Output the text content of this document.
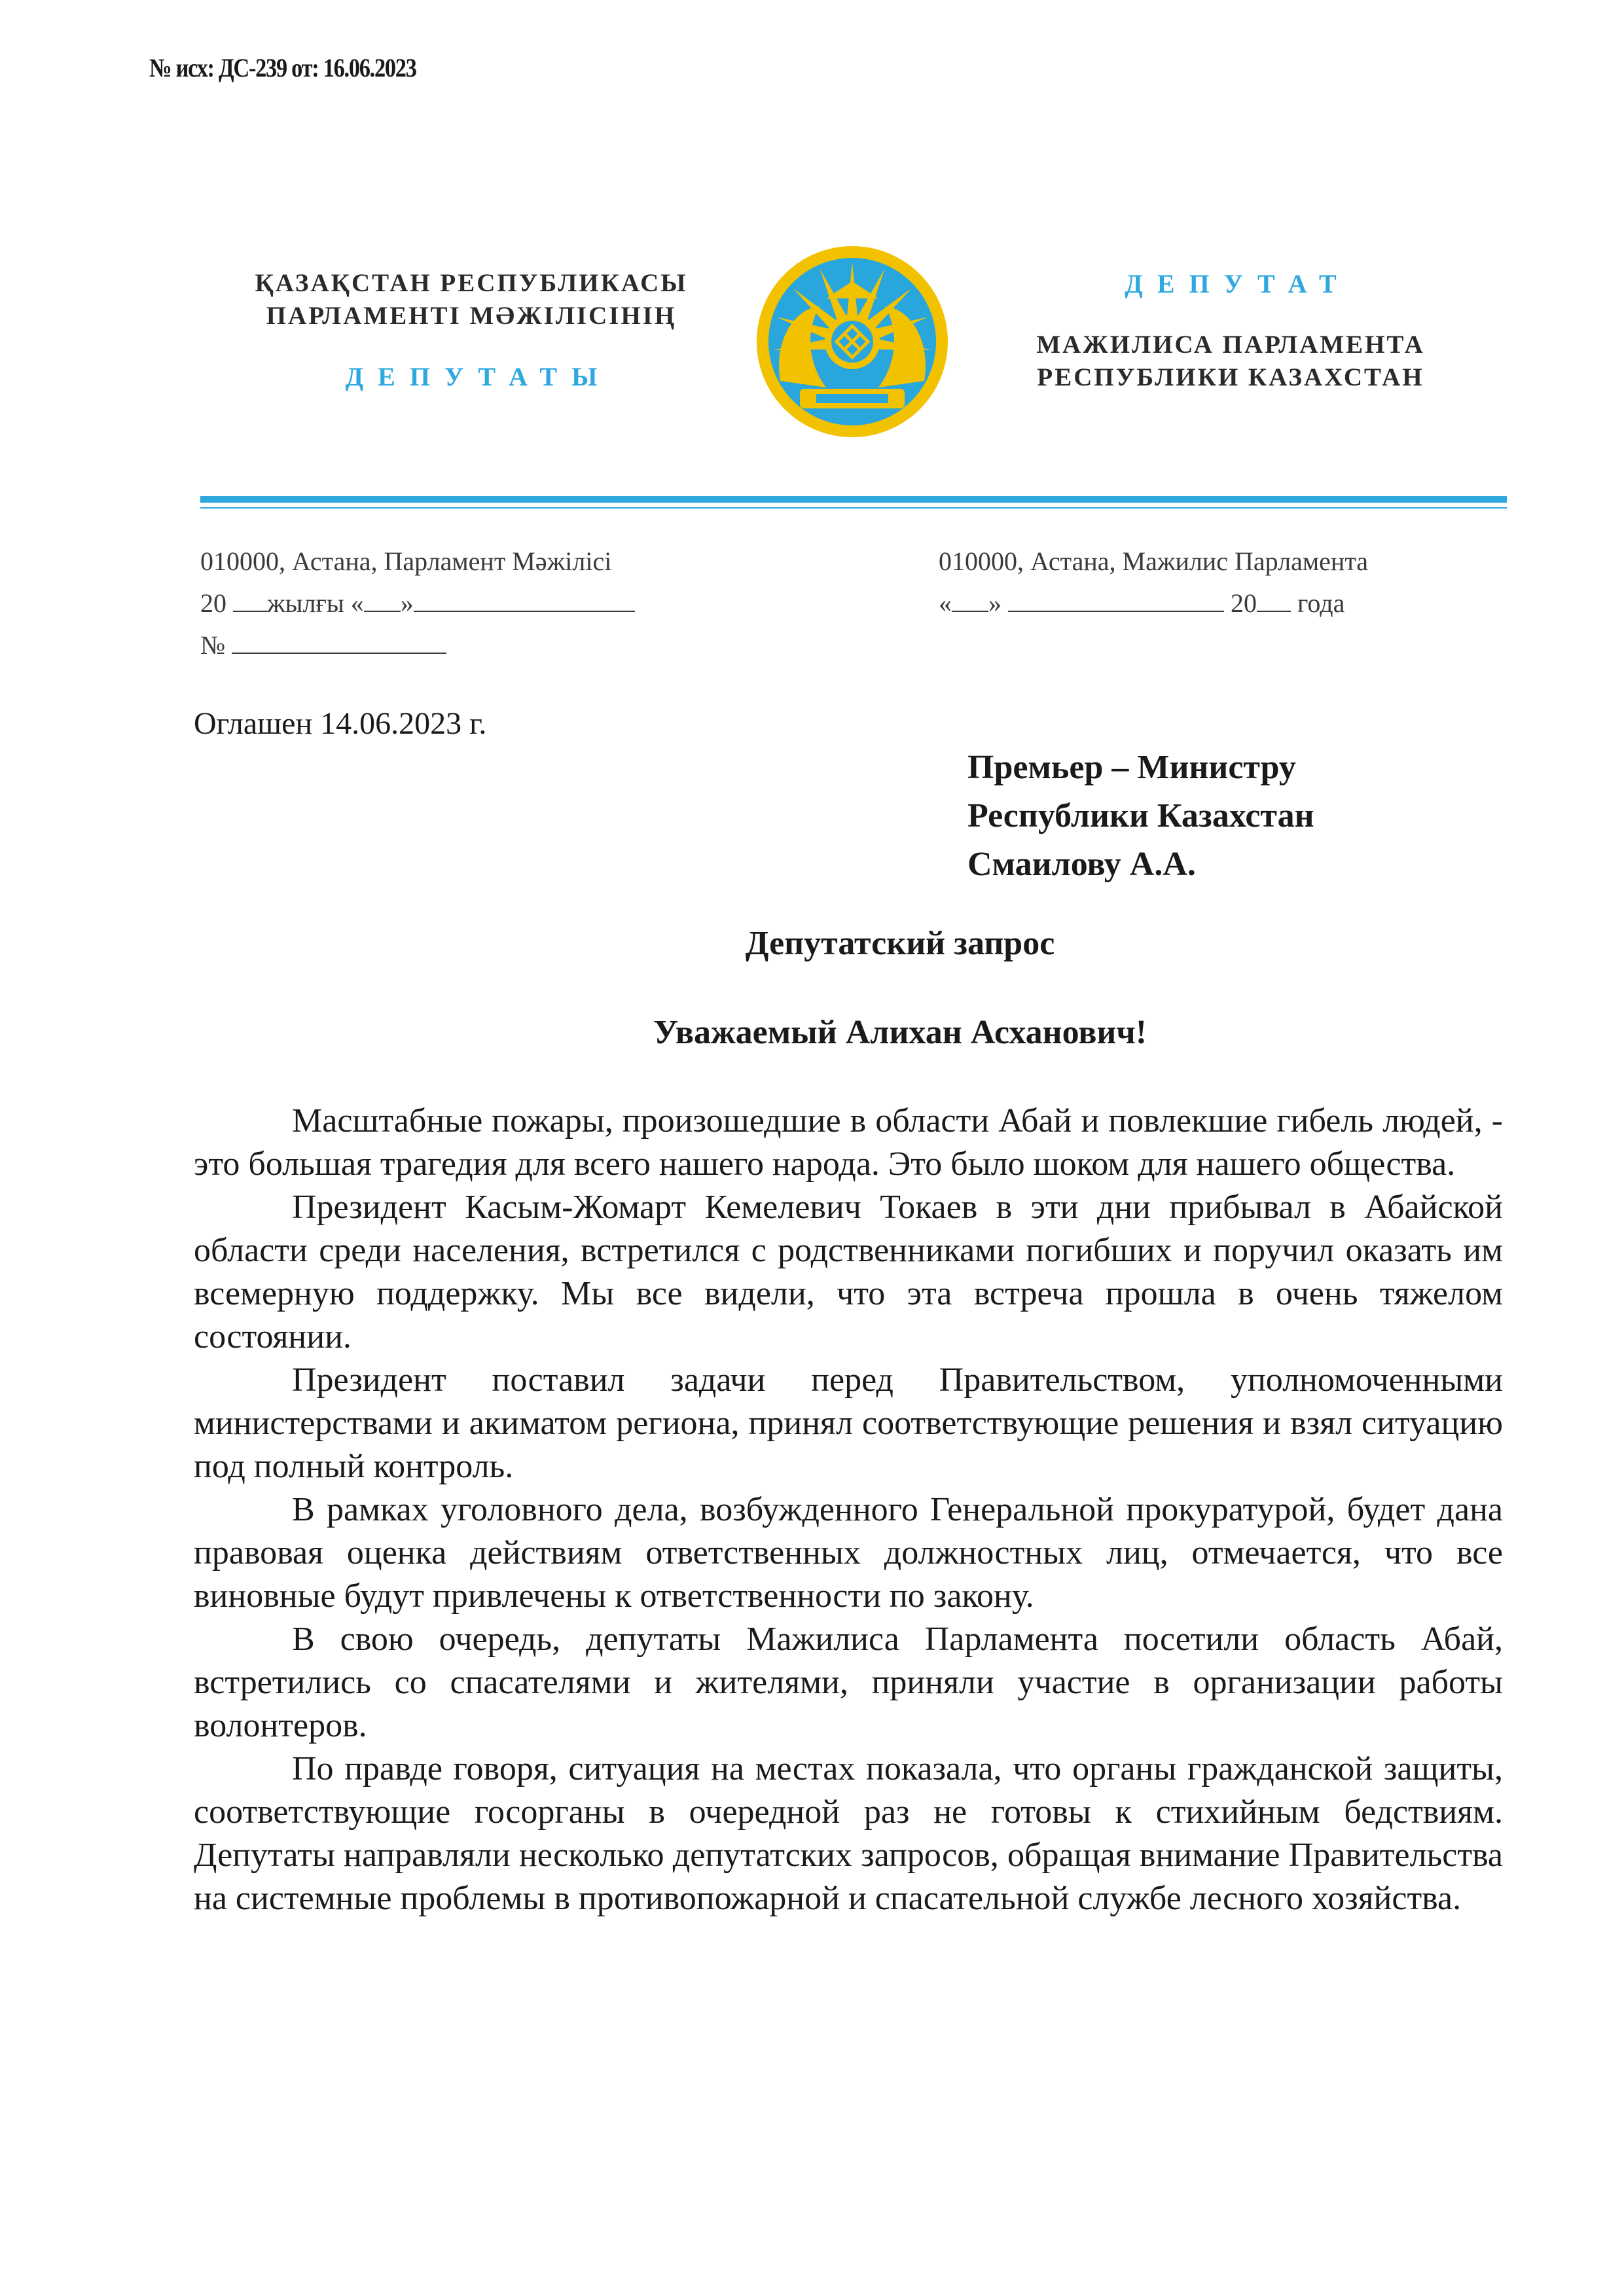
№ исх: ДС-239 от: 16.06.2023
ҚАЗАҚСТАН РЕСПУБЛИКАСЫ
ПАРЛАМЕНТІ МӘЖІЛІСІНІҢ
ДЕПУТАТЫ
ДЕПУТАТ
МАЖИЛИСА ПАРЛАМЕНТА
РЕСПУБЛИКИ КАЗАХСТАН
010000, Астана, Парламент Мәжілісі
20 жылғы « »
№
010000, Астана, Мажилис Парламента
« »	20 года
Оглашен 14.06.2023 г.
Премьер – Министру
Республики Казахстан
Смаилову А.А.
Депутатский запрос
Уважаемый Алихан Асханович!

Масштабные пожары, произошедшие в области Абай и повлекшие гибель людей, - это большая трагедия для всего нашего народа. Это было шоком для нашего общества.

Президент Касым-Жомарт Кемелевич Токаев в эти дни прибывал в Абайской области среди населения, встретился с родственниками погибших и поручил оказать им всемерную поддержку. Мы все видели, что эта встреча прошла в очень тяжелом состоянии.

Президент поставил задачи перед Правительством, уполномоченными министерствами и акиматом региона, принял соответствующие решения и взял ситуацию под полный контроль.

В рамках уголовного дела, возбужденного Генеральной прокуратурой, будет дана правовая оценка действиям ответственных должностных лиц, отмечается, что все виновные будут привлечены к ответственности по закону.

В свою очередь, депутаты Мажилиса Парламента посетили область Абай, встретились со спасателями и жителями, приняли участие в организации работы волонтеров.

По правде говоря, ситуация на местах показала, что органы гражданской защиты, соответствующие госорганы в очередной раз не готовы к стихийным бедствиям. Депутаты направляли несколько депутатских запросов, обращая внимание Правительства на системные проблемы в противопожарной и спасательной службе лесного хозяйства.
